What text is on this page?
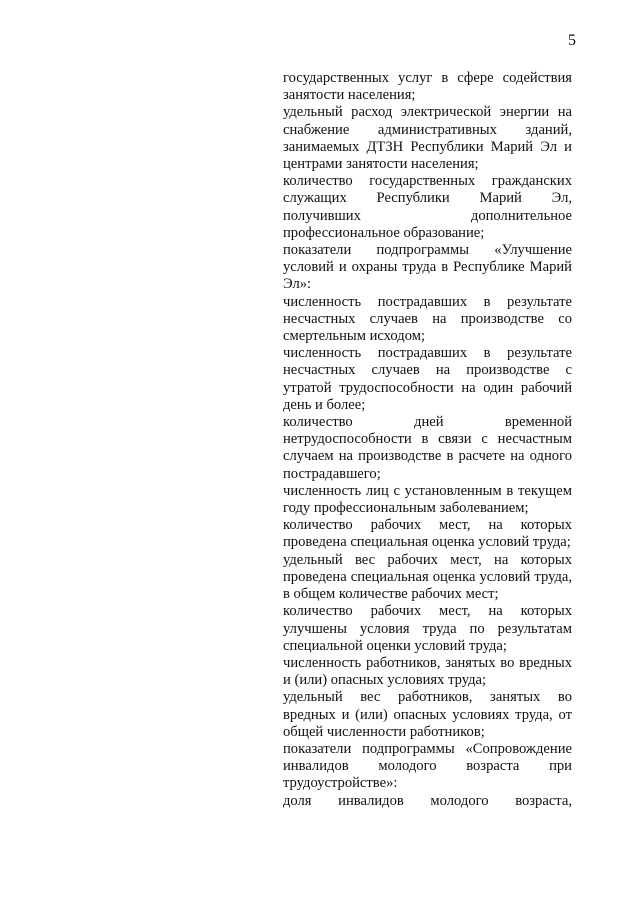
5

государственных услуг в сфере содействия занятости населения;

удельный расход электрической энергии на снабжение административных зданий, занимаемых ДТЗН Республики Марий Эл и центрами занятости населения;

количество государственных гражданских служащих Республики Марий Эл, получивших дополнительное профессиональное образование;

показатели подпрограммы «Улучшение условий и охраны труда в Республике Марий Эл»:

численность пострадавших в результате несчастных случаев на производстве со смертельным исходом;

численность пострадавших в результате несчастных случаев на производстве с утратой трудоспособности на один рабочий день и более;

количество дней временной нетрудоспособности в связи с несчастным случаем на производстве в расчете на одного пострадавшего;

численность лиц с установленным в текущем году профессиональным заболеванием;

количество рабочих мест, на которых проведена специальная оценка условий труда;

удельный вес рабочих мест, на которых проведена специальная оценка условий труда, в общем количестве рабочих мест;

количество рабочих мест, на которых улучшены условия труда по результатам специальной оценки условий труда;

численность работников, занятых во вредных и (или) опасных условиях труда;

удельный вес работников, занятых во вредных и (или) опасных условиях труда, от общей численности работников;

показатели подпрограммы «Сопровождение инвалидов молодого возраста при трудоустройстве»:

доля инвалидов молодого возраста,
